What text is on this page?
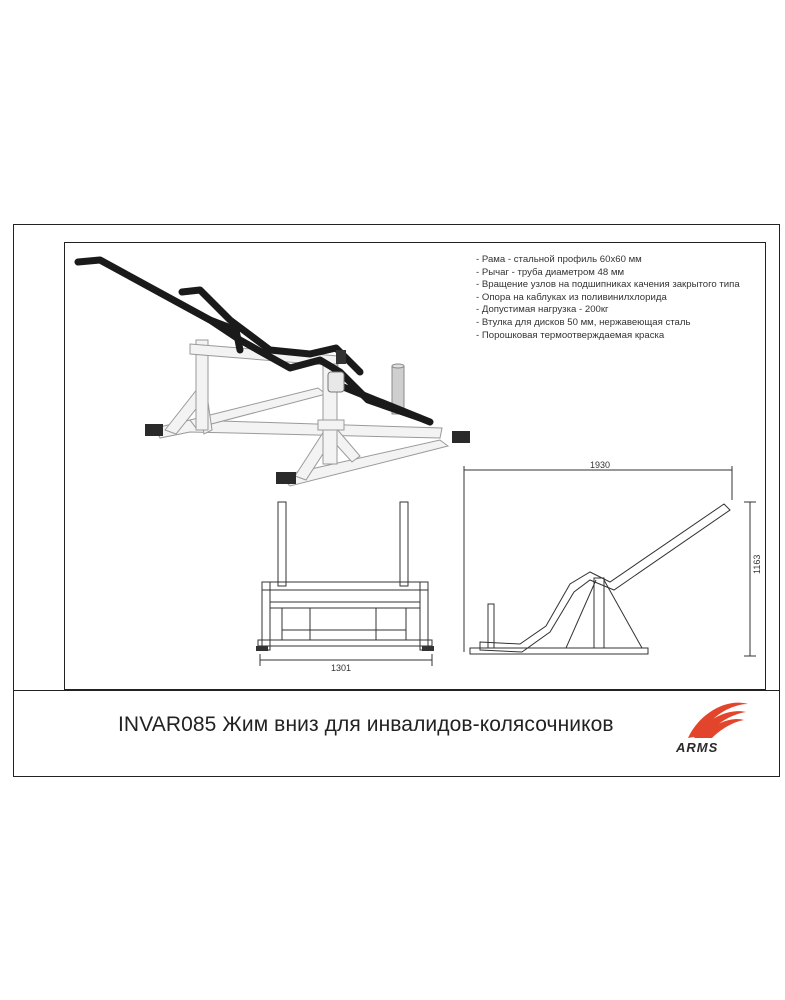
- Рама - стальной профиль 60х60 мм
- Рычаг - труба диаметром 48 мм
- Вращение узлов на подшипниках качения закрытого типа
- Опора на каблуках из поливинилхлорида
- Допустимая нагрузка - 200кг
- Втулка для дисков 50 мм, нержавеющая сталь
- Порошковая термоотверждаемая краска
1301
1930
1163
INVAR085 Жим вниз для инвалидов-колясочников
ARMS
